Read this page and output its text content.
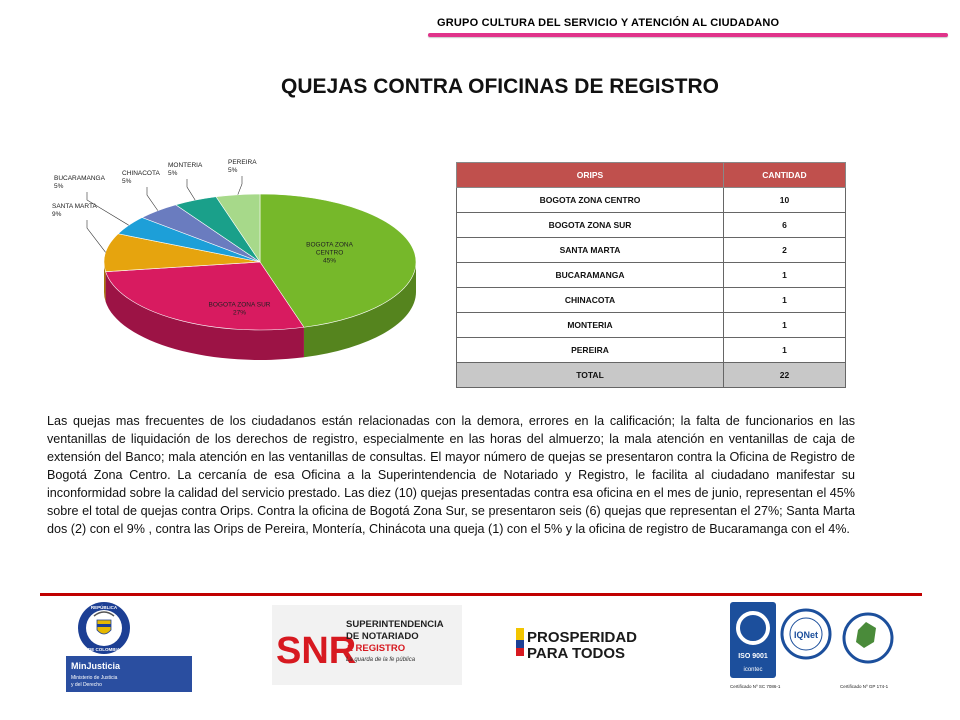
GRUPO CULTURA DEL SERVICIO Y ATENCIÓN AL CIUDADANO
QUEJAS CONTRA OFICINAS DE REGISTRO
BOGOTA ZONA CENTRO 45%
BOGOTA ZONA SUR 27%
SANTA MARTA 9%
BUCARAMANGA 5%
CHINACOTA 5%
MONTERIA 5%
PEREIRA 5%	ORIPS	CANTIDAD
BOGOTA ZONA CENTRO	10
BOGOTA ZONA SUR	6
SANTA MARTA	2
BUCARAMANGA	1
CHINACOTA	1
MONTERIA	1
PEREIRA	1
TOTAL	22
Las quejas mas frecuentes de los ciudadanos están relacionadas con la demora, errores en la calificación; la falta de funcionarios en las ventanillas de liquidación de los derechos de registro, especialmente en las horas del almuerzo; la mala atención en ventanillas de caja de extensión del Banco; mala atención en las ventanillas de consultas. El mayor número de quejas se presentaron contra la Oficina de Registro de Bogotá Zona Centro. La cercanía de esa Oficina a la Superintendencia de Notariado y Registro, le facilita al ciudadano manifestar su inconformidad sobre la calidad del servicio prestado. Las diez (10) quejas presentadas contra esa oficina en el mes de junio, representan el 45% sobre el total de quejas contra Orips. Contra la oficina de Bogotá Zona Sur, se presentaron seis (6) quejas que representan el 27%; Santa Marta dos (2) con el 9% , contra las Orips de Pereira, Montería, Chinácota una queja (1) con el 5% y la oficina de registro de Bucaramanga con el 4%.
REPÚBLICA
DE COLOMBIA
MinJusticia
Ministerio de Justicia
y del Derecho
SNR
SUPERINTENDENCIA
DE NOTARIADO
& REGISTRO
La guarda de la fe pública
PROSPERIDAD
PARA TODOS	ISO 9001
icontec
IQNet
Certificado Nº SC 7086-1	Certificado Nº GP 174-1
